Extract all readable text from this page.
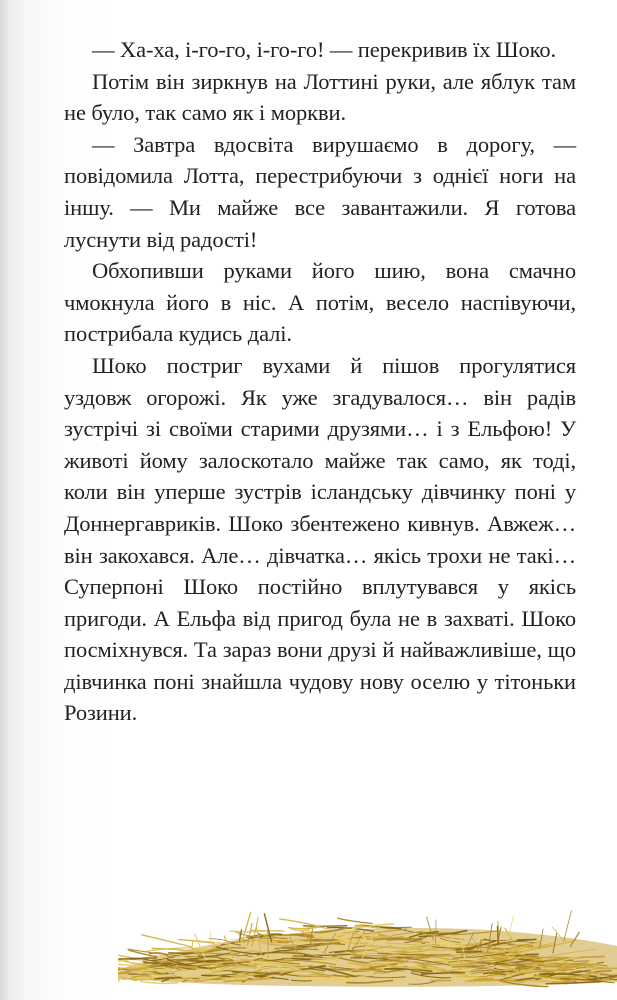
— Ха-ха, і-го-го, і-го-го! — перекривив їх Шоко.

Потім він зиркнув на Лоттині руки, але яблук там не було, так само як і моркви.

— Завтра вдосвіта вирушаємо в дорогу, — повідомила Лотта, перестрибуючи з однієї ноги на іншу. — Ми майже все завантажили. Я готова луснути від радості!

Обхопивши руками його шию, вона смачно чмокнула його в ніс. А потім, весело наспівуючи, пострибала кудись далі.

Шоко постриг вухами й пішов прогулятися уздовж огорожі. Як уже згадувалося… він радів зустрічі зі своїми старими друзями… і з Ельфою! У животі йому залоскотало майже так само, як тоді, коли він уперше зустрів ісландську дівчинку поні у Доннергавриків. Шоко збентежено кивнув. Авжеж… він закохався. Але… дівчатка… якісь трохи не такі… Суперпоні Шоко постійно вплутувався у якісь пригоди. А Ельфа від пригод була не в захваті. Шоко посміхнувся. Та зараз вони друзі й найважливіше, що дівчинка поні знайшла чудову нову оселю у тітоньки Розини.
